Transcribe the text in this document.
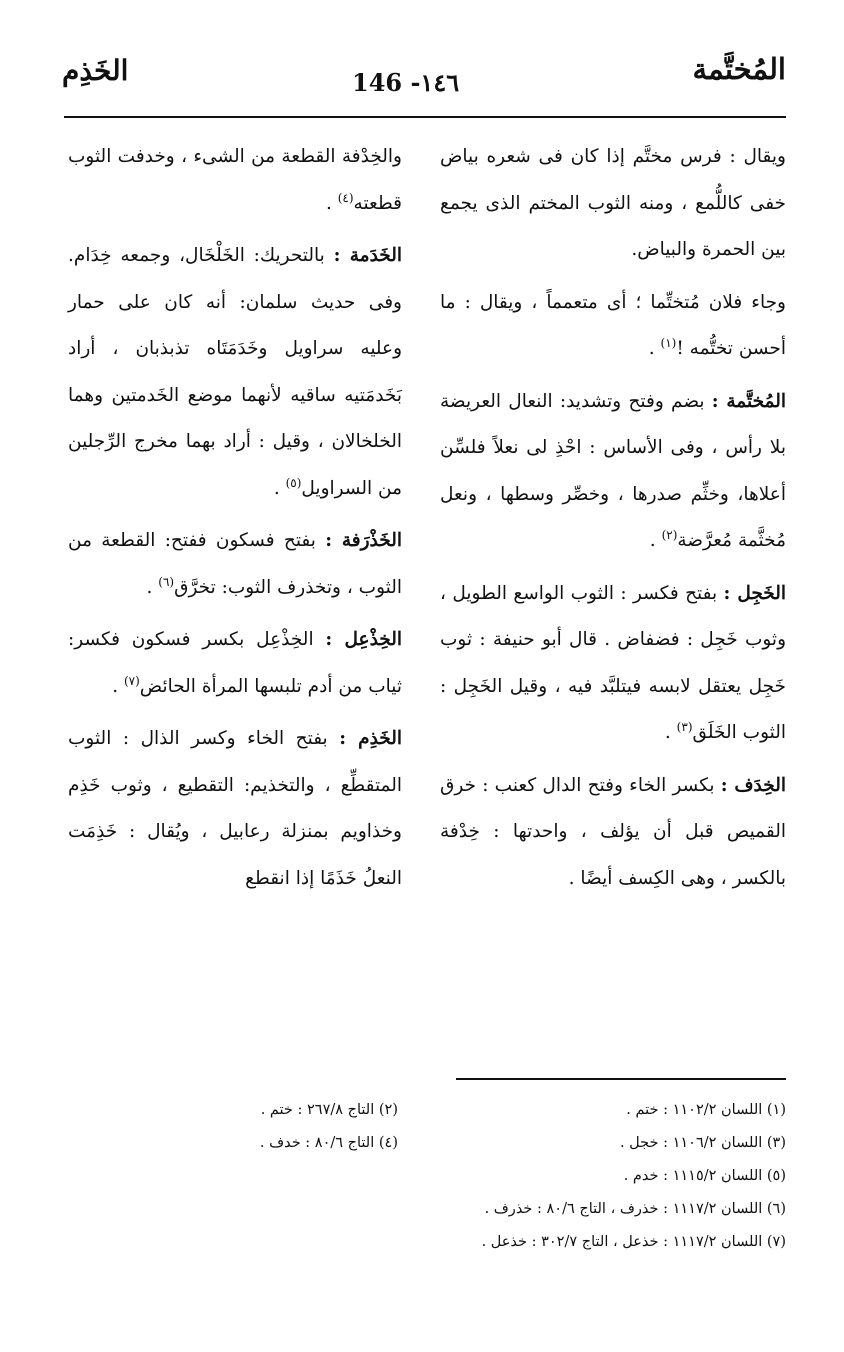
المُختَّمة
146 -١٤٦
الخَذِم

ويقال : فرس مختَّم إذا كان فى شعره بياض خفى كاللُّمع ، ومنه الثوب المختم الذى يجمع بين الحمرة والبياض.

وجاء فلان مُتختِّما ؛ أى متعمماً ، ويقال : ما أحسن تختُّمه !$^{(١)}$ .

المُختَّمة : بضم وفتح وتشديد: النعال العريضة بلا رأس ، وفى الأساس : احْذِ لى نعلاً فلسِّن أعلاها، وخثِّم صدرها ، وخصِّر وسطها ، ونعل مُخثَّمة مُعرَّضة$^{(٢)}$ .

الخَجِل : بفتح فكسر : الثوب الواسع الطويل ، وثوب خَجِل : فضفاض . قال أبو حنيفة : ثوب خَجِل يعتقل لابسه فيتلبَّد فيه ، وقيل الخَجِل : الثوب الخَلَق$^{(٣)}$ .

الخِدَف : بكسر الخاء وفتح الدال كعنب : خرق القميص قبل أن يؤلف ، واحدتها : خِدْفة بالكسر ، وهى الكِسف أيضًا .

والخِدْفة القطعة من الشىء ، وخدفت الثوب قطعته$^{(٤)}$ .

الخَدَمة : بالتحريك: الخَلْخَال، وجمعه خِدَام. وفى حديث سلمان: أنه كان على حمار وعليه سراويل وخَدَمَتَاه تذبذبان ، أراد بَخَدمَتيه ساقيه لأنهما موضع الخَدمتين وهما الخلخالان ، وقيل : أراد بهما مخرج الرِّجلين من السراويل$^{(٥)}$ .

الخَذْرَفة : بفتح فسكون ففتح: القطعة من الثوب ، وتخذرف الثوب: تخرَّق$^{(٦)}$ .

الخِذْعِل : الخِذْعِل بكسر فسكون فكسر: ثياب من أدم تلبسها المرأة الحائض$^{(٧)}$ .

الخَذِم : بفتح الخاء وكسر الذال : الثوب المتقطِّع ، والتخذيم: التقطيع ، وثوب خَذِم وخذاويم بمنزلة رعابيل ، ويُقال : خَذِمَت النعلُ خَذَمًا إذا انقطع

(١) اللسان ١١٠٢/٢ : ختم .
(٣) اللسان ١١٠٦/٢ : خجل .
(٥) اللسان ١١١٥/٢ : خدم .
(٦) اللسان ١١١٧/٢ : خذرف ، التاج ٨٠/٦ : خذرف .
(٧) اللسان ١١١٧/٢ : خذعل ، التاج ٣٠٢/٧ : خذعل .
(٢) التاج ٢٦٧/٨ : ختم .
(٤) التاج ٨٠/٦ : خدف .
